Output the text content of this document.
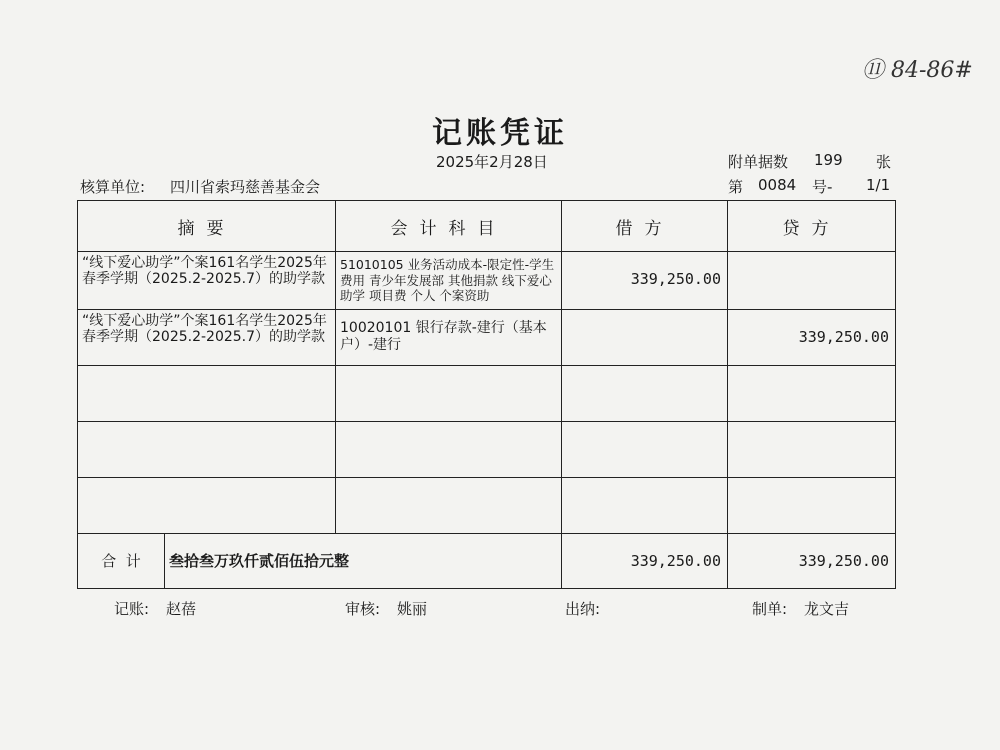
⑪ 84-86#
记账凭证
2025年2月28日	附单据数 199 张
核算单位: 四川省索玛慈善基金会	第 0084 号- 1/1
摘要	会计科目	借方	贷方

“线下爱心助学”个案161名学生2025年春季学期（2025.2-2025.7）的助学款	51010105 业务活动成本-限定性-学生费用 青少年发展部 其他捐款 线下爱心助学 项目费 个人 个案资助	339,250.00	

“线下爱心助学”个案161名学生2025年春季学期（2025.2-2025.7）的助学款	10020101 银行存款-建行（基本户）-建行		339,250.00

合  计 叁拾叁万玖仟贰佰伍拾元整		339,250.00	339,250.00
记账: 赵蓓	审核: 姚丽	出纳:	制单: 龙文吉
